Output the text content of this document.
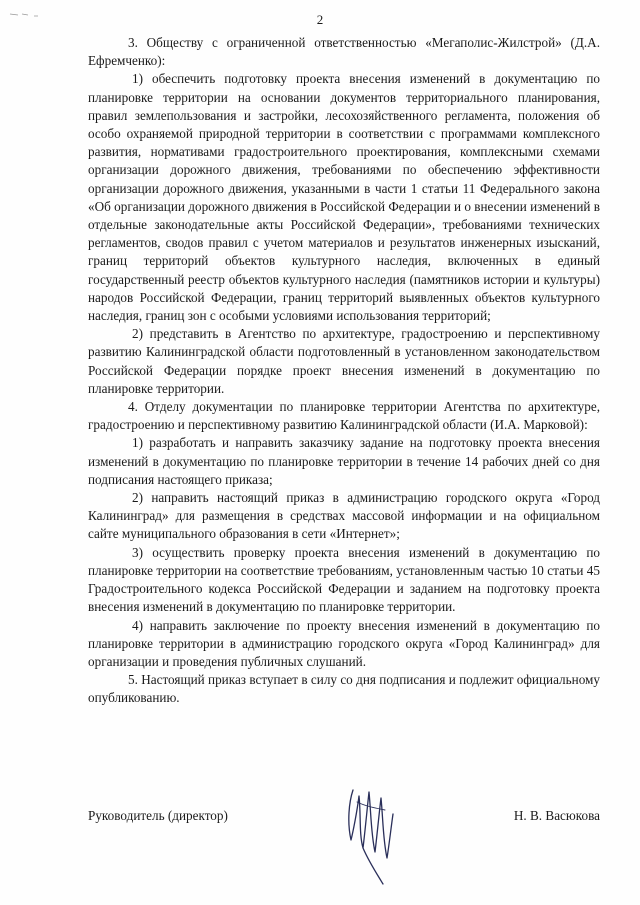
2

3. Обществу с ограниченной ответственностью «Мегаполис-Жилстрой» (Д.А. Ефремченко):

1) обеспечить подготовку проекта внесения изменений в документацию по планировке территории на основании документов территориального планирования, правил землепользования и застройки, лесохозяйственного регламента, положения об особо охраняемой природной территории в соответствии с программами комплексного развития, нормативами градостроительного проектирования, комплексными схемами организации дорожного движения, требованиями по обеспечению эффективности организации дорожного движения, указанными в части 1 статьи 11 Федерального закона «Об организации дорожного движения в Российской Федерации и о внесении изменений в отдельные законодательные акты Российской Федерации», требованиями технических регламентов, сводов правил с учетом материалов и результатов инженерных изысканий, границ территорий объектов культурного наследия, включенных в единый государственный реестр объектов культурного наследия (памятников истории и культуры) народов Российской Федерации, границ территорий выявленных объектов культурного наследия, границ зон с особыми условиями использования территорий;

2) представить в Агентство по архитектуре, градостроению и перспективному развитию Калининградской области подготовленный в установленном законодательством Российской Федерации порядке проект внесения изменений в документацию по планировке территории.

4. Отделу документации по планировке территории Агентства по архитектуре, градостроению и перспективному развитию Калининградской области (И.А. Марковой):

1) разработать и направить заказчику задание на подготовку проекта внесения изменений в документацию по планировке территории в течение 14 рабочих дней со дня подписания настоящего приказа;

2) направить настоящий приказ в администрацию городского округа «Город Калининград» для размещения в средствах массовой информации и на официальном сайте муниципального образования в сети «Интернет»;

3) осуществить проверку проекта внесения изменений в документацию по планировке территории на соответствие требованиям, установленным частью 10 статьи 45 Градостроительного кодекса Российской Федерации и заданием на подготовку проекта внесения изменений в документацию по планировке территории.

4) направить заключение по проекту внесения изменений в документацию по планировке территории в администрацию городского округа «Город Калининград» для организации и проведения публичных слушаний.

5. Настоящий приказ вступает в силу со дня подписания и подлежит официальному опубликованию.

Руководитель (директор)	Н. В. Васюкова
